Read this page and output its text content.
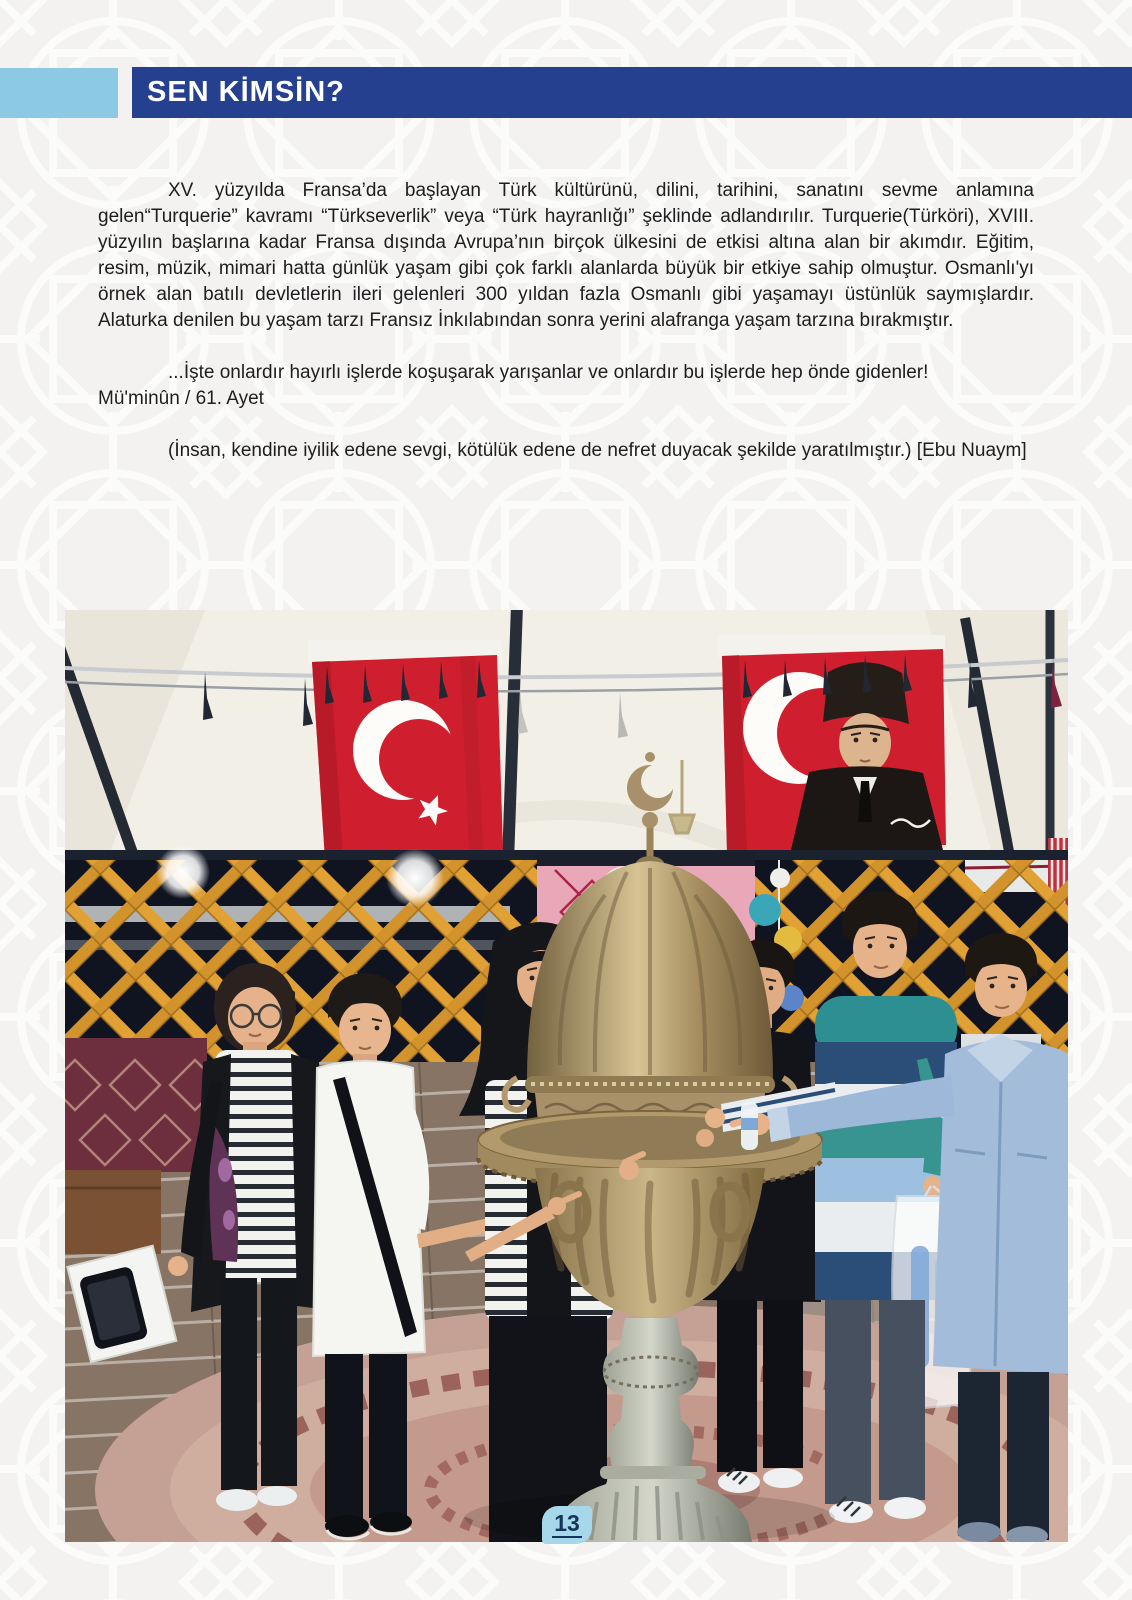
SEN KİMSİN?

XV. yüzyılda Fransa’da başlayan Türk kültürünü, dilini, tarihini, sanatını sevme anlamına gelen“Turquerie” kavramı “Türkseverlik” veya “Türk hayranlığı” şeklinde adlandırılır. Turquerie(Türköri), XVIII. yüzyılın başlarına kadar Fransa dışında Avrupa’nın birçok ülkesini de etkisi altına alan bir akımdır. Eğitim, resim, müzik, mimari hatta günlük yaşam gibi çok farklı alanlarda büyük bir etkiye sahip olmuştur. Osmanlı'yı örnek alan batılı devletlerin ileri gelenleri 300 yıldan fazla Osmanlı gibi yaşamayı üstünlük saymışlardır. Alaturka denilen bu yaşam tarzı Fransız İnkılabından sonra yerini alafranga yaşam tarzına bırakmıştır.

...İşte onlardır hayırlı işlerde koşuşarak yarışanlar ve onlardır bu işlerde hep önde gidenler!
Mü'minûn / 61. Ayet

(İnsan, kendine iyilik edene sevgi, kötülük edene de nefret duyacak şekilde yaratılmıştır.) [Ebu Nuaym]

13
